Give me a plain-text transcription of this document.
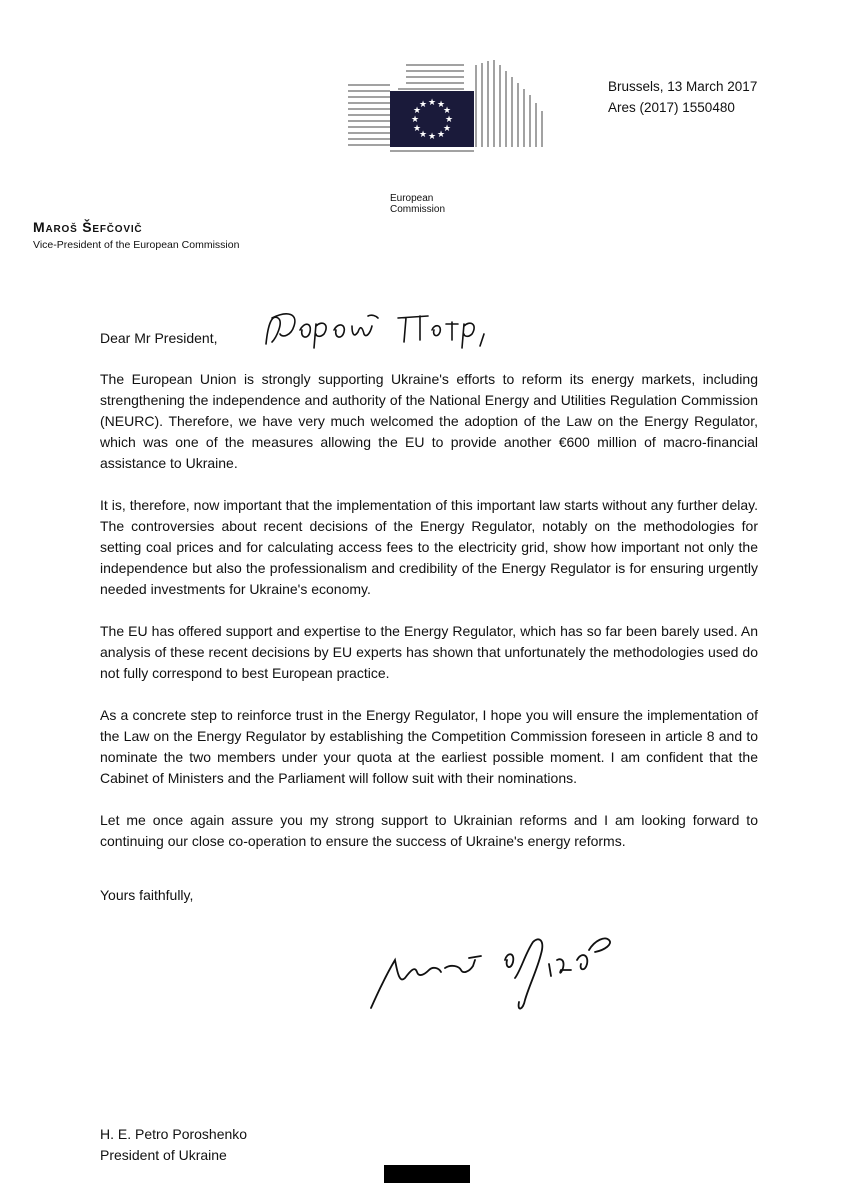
★ ★
★
★
★
★
★
★
★
★
★
★
European
Commission
Brussels, 13 March 2017
Ares (2017) 1550480
Maroš Šefčovič
Vice-President of the European Commission
Dear Mr President,

The European Union is strongly supporting Ukraine's efforts to reform its energy markets, including strengthening the independence and authority of the National Energy and Utilities Regulation Commission (NEURC). Therefore, we have very much welcomed the adoption of the Law on the Energy Regulator, which was one of the measures allowing the EU to provide another €600 million of macro-financial assistance to Ukraine.

It is, therefore, now important that the implementation of this important law starts without any further delay. The controversies about recent decisions of the Energy Regulator, notably on the methodologies for setting coal prices and for calculating access fees to the electricity grid, show how important not only the independence but also the professionalism and credibility of the Energy Regulator is for ensuring urgently needed investments for Ukraine's economy.

The EU has offered support and expertise to the Energy Regulator, which has so far been barely used. An analysis of these recent decisions by EU experts has shown that unfortunately the methodologies used do not fully correspond to best European practice.

As a concrete step to reinforce trust in the Energy Regulator, I hope you will ensure the implementation of the Law on the Energy Regulator by establishing the Competition Commission foreseen in article 8 and to nominate the two members under your quota at the earliest possible moment. I am confident that the Cabinet of Ministers and the Parliament will follow suit with their nominations.

Let me once again assure you my strong support to Ukrainian reforms and I am looking forward to continuing our close co-operation to ensure the success of Ukraine's energy reforms.

Yours faithfully,
H. E. Petro Poroshenko
President of Ukraine
